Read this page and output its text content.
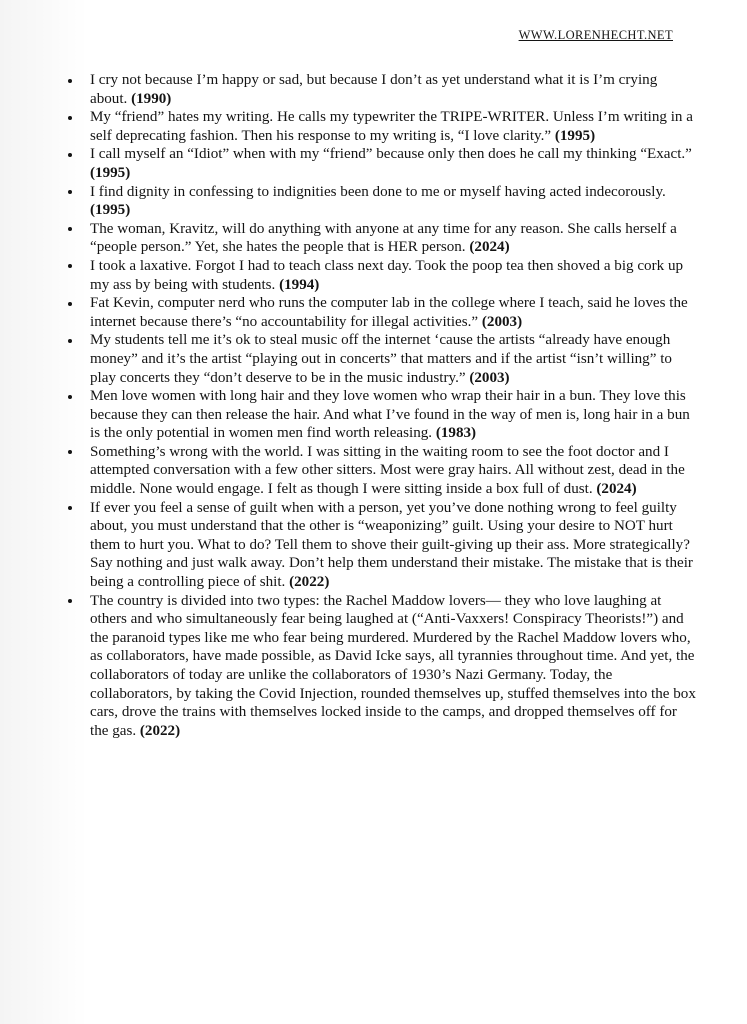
WWW.LORENHECHT.NET
I cry not because I’m happy or sad, but because I don’t as yet understand what it is I’m crying about. (1990)
My “friend” hates my writing. He calls my typewriter the TRIPE-WRITER. Unless I’m writing in a self deprecating fashion. Then his response to my writing is, “I love clarity.” (1995)
I call myself an “Idiot” when with my “friend” because only then does he call my thinking “Exact.” (1995)
I find dignity in confessing to indignities been done to me or myself having acted indecorously. (1995)
The woman, Kravitz, will do anything with anyone at any time for any reason. She calls herself a “people person.” Yet, she hates the people that is HER person. (2024)
I took a laxative. Forgot I had to teach class next day. Took the poop tea then shoved a big cork up my ass by being with students. (1994)
Fat Kevin, computer nerd who runs the computer lab in the college where I teach, said he loves the internet because there’s “no accountability for illegal activities.” (2003)
My students tell me it’s ok to steal music off the internet ‘cause the artists “already have enough money” and it’s the artist “playing out in concerts” that matters and if the artist “isn’t willing” to play concerts they “don’t deserve to be in the music industry.” (2003)
Men love women with long hair and they love women who wrap their hair in a bun. They love this because they can then release the hair. And what I’ve found in the way of men is, long hair in a bun is the only potential in women men find worth releasing. (1983)
Something’s wrong with the world. I was sitting in the waiting room to see the foot doctor and I attempted conversation with a few other sitters. Most were gray hairs. All without zest, dead in the middle. None would engage. I felt as though I were sitting inside a box full of dust. (2024)
If ever you feel a sense of guilt when with a person, yet you’ve done nothing wrong to feel guilty about, you must understand that the other is “weaponizing” guilt. Using your desire to NOT hurt them to hurt you. What to do? Tell them to shove their guilt-giving up their ass. More strategically? Say nothing and just walk away. Don’t help them understand their mistake. The mistake that is their being a controlling piece of shit. (2022)
The country is divided into two types: the Rachel Maddow lovers— they who love laughing at others and who simultaneously fear being laughed at (“Anti-Vaxxers! Conspiracy Theorists!”) and the paranoid types like me who fear being murdered. Murdered by the Rachel Maddow lovers who, as collaborators, have made possible, as David Icke says, all tyrannies throughout time. And yet, the collaborators of today are unlike the collaborators of 1930’s Nazi Germany. Today, the collaborators, by taking the Covid Injection, rounded themselves up, stuffed themselves into the box cars, drove the trains with themselves locked inside to the camps, and dropped themselves off for the gas. (2022)
